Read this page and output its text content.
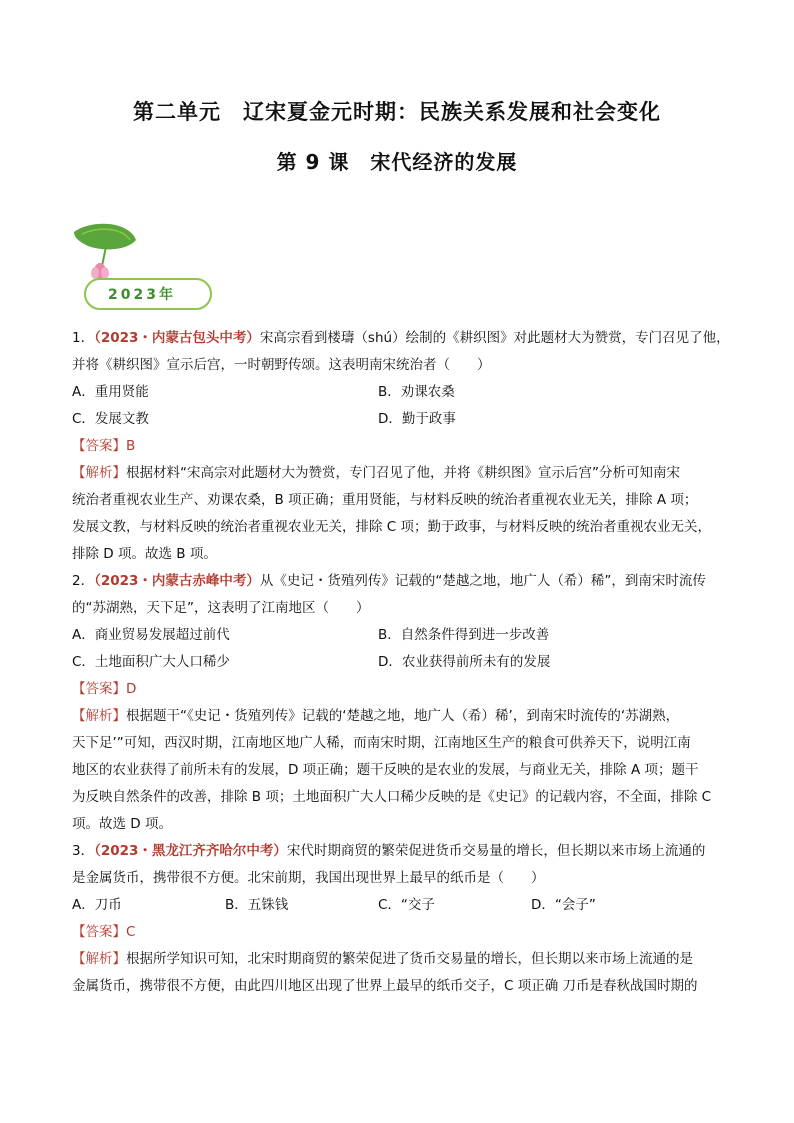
第二单元　辽宋夏金元时期：民族关系发展和社会变化
第 9 课　宋代经济的发展
2023年
1．（2023・内蒙古包头中考）宋高宗看到楼璹（shú）绘制的《耕织图》对此题材大为赞赏，专门召见了他，
并将《耕织图》宣示后宫，一时朝野传颂。这表明南宋统治者（　　）
A．重用贤能	B．劝课农桑
C．发展文教	D．勤于政事
【答案】B
【解析】根据材料“宋高宗对此题材大为赞赏，专门召见了他，并将《耕织图》宣示后宫”分析可知南宋
统治者重视农业生产、劝课农桑，B 项正确；重用贤能，与材料反映的统治者重视农业无关，排除 A 项；
发展文教，与材料反映的统治者重视农业无关，排除 C 项；勤于政事，与材料反映的统治者重视农业无关，
排除 D 项。故选 B 项。
2．（2023・内蒙古赤峰中考）从《史记・货殖列传》记载的“楚越之地，地广人（希）稀”，到南宋时流传
的“苏湖熟，天下足”，这表明了江南地区（　　）
A．商业贸易发展超过前代	B．自然条件得到进一步改善
C．土地面积广大人口稀少	D．农业获得前所未有的发展
【答案】D
【解析】根据题干“《史记・货殖列传》记载的‘楚越之地，地广人（希）稀’，到南宋时流传的‘苏湖熟，
天下足’”可知，西汉时期，江南地区地广人稀，而南宋时期，江南地区生产的粮食可供养天下，说明江南
地区的农业获得了前所未有的发展，D 项正确；题干反映的是农业的发展，与商业无关，排除 A 项；题干
为反映自然条件的改善，排除 B 项；土地面积广大人口稀少反映的是《史记》的记载内容，不全面，排除 C
项。故选 D 项。
3．（2023・黑龙江齐齐哈尔中考）宋代时期商贸的繁荣促进货币交易量的增长，但长期以来市场上流通的
是金属货币，携带很不方便。北宋前期，我国出现世界上最早的纸币是（　　）
A．刀币	B．五铢钱	C．“交子	D．“会子”
【答案】C
【解析】根据所学知识可知，北宋时期商贸的繁荣促进了货币交易量的增长，但长期以来市场上流通的是
金属货币，携带很不方便，由此四川地区出现了世界上最早的纸币交子，C 项正确 刀币是春秋战国时期的
